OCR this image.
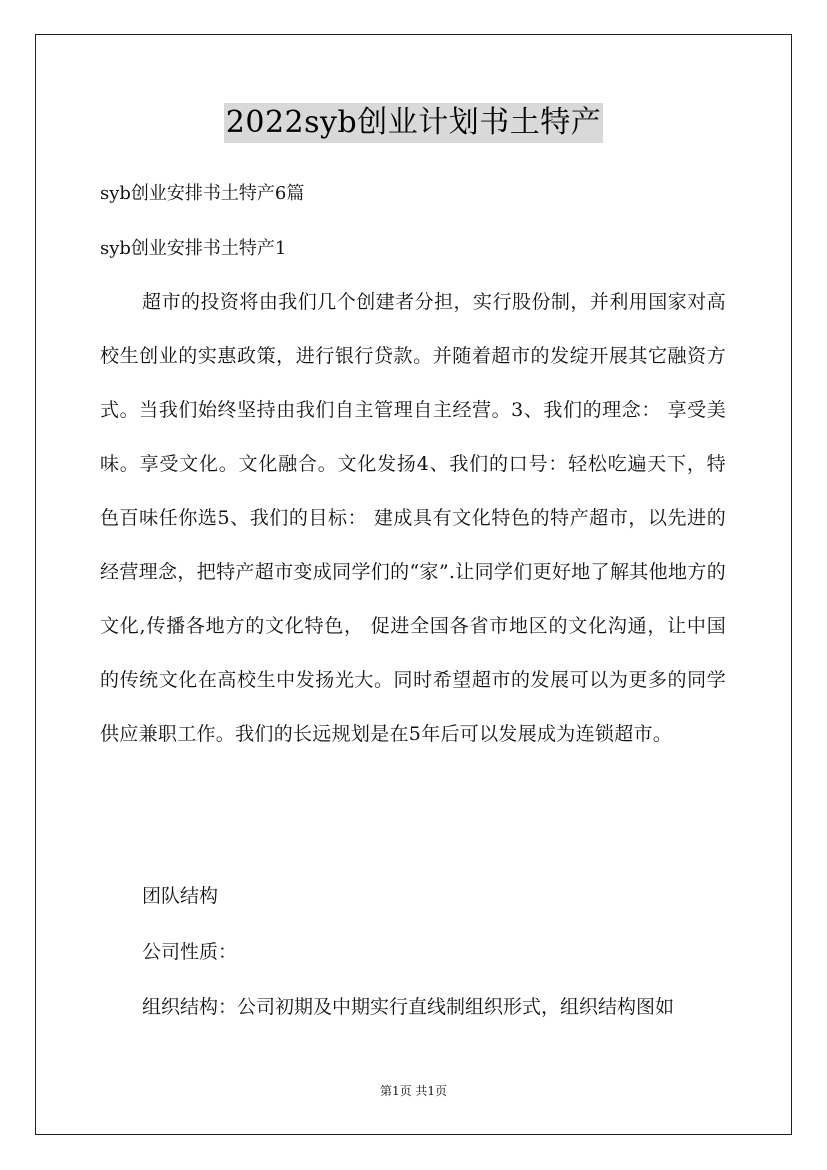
2022syb创业计划书土特产
syb创业安排书土特产6篇
syb创业安排书土特产1
超市的投资将由我们几个创建者分担，实行股份制，并利用国家对高校生创业的实惠政策，进行银行贷款。并随着超市的发绽开展其它融资方式。当我们始终坚持由我们自主管理自主经营。3、我们的理念： 享受美味。享受文化。文化融合。文化发扬4、我们的口号：轻松吃遍天下，特色百味任你选5、我们的目标： 建成具有文化特色的特产超市，以先进的经营理念，把特产超市变成同学们的“家”.让同学们更好地了解其他地方的文化,传播各地方的文化特色， 促进全国各省市地区的文化沟通，让中国的传统文化在高校生中发扬光大。同时希望超市的发展可以为更多的同学供应兼职工作。我们的长远规划是在5年后可以发展成为连锁超市。
团队结构
公司性质：
组织结构：公司初期及中期实行直线制组织形式，组织结构图如
第1页 共1页
